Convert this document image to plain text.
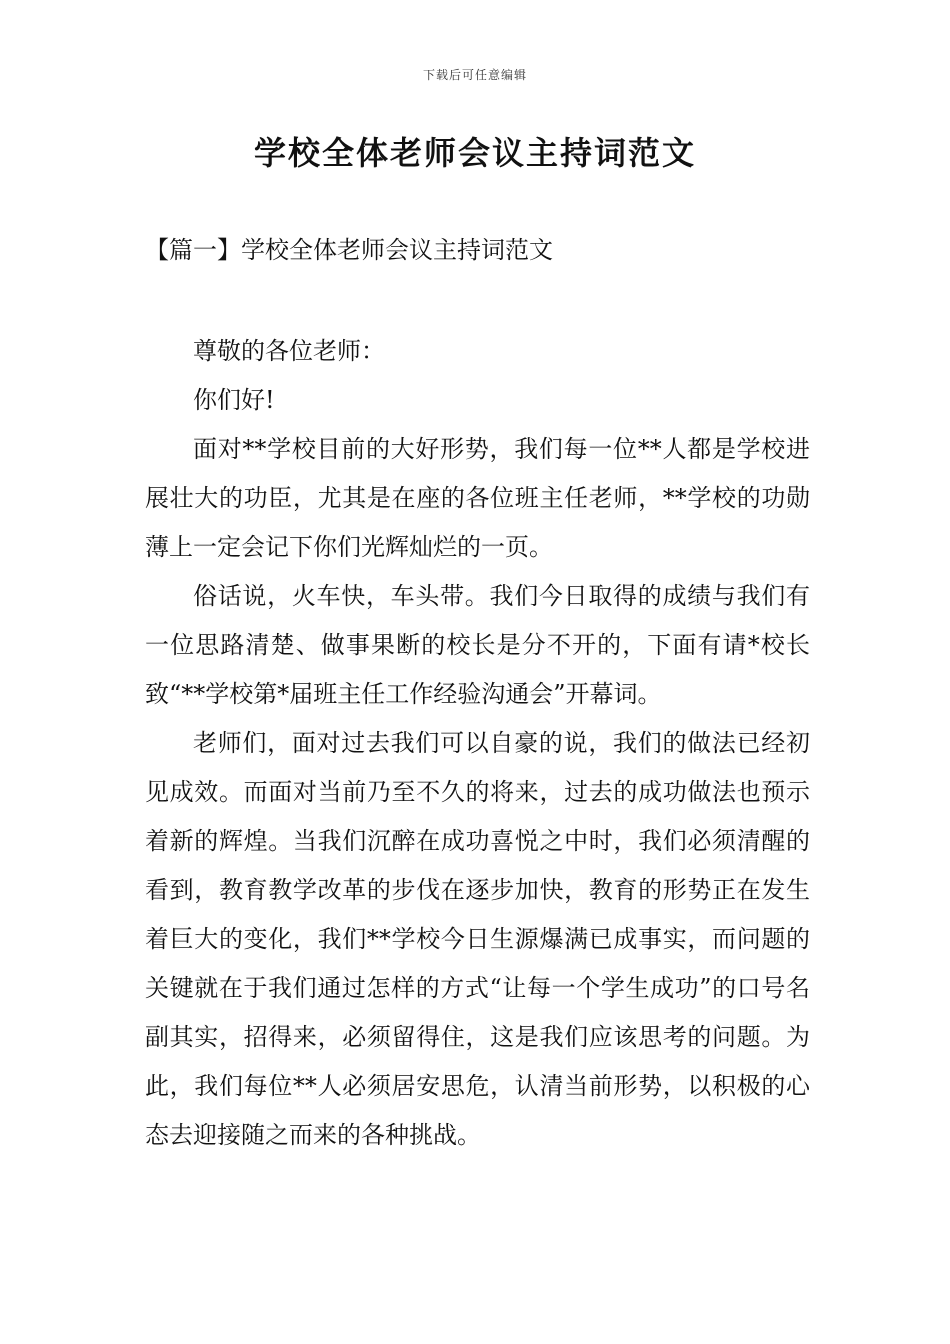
下载后可任意编辑
学校全体老师会议主持词范文
【篇一】学校全体老师会议主持词范文

尊敬的各位老师：

你们好!

面对**学校目前的大好形势，我们每一位**人都是学校进展壮大的功臣，尤其是在座的各位班主任老师，**学校的功勋薄上一定会记下你们光辉灿烂的一页。

俗话说，火车快，车头带。我们今日取得的成绩与我们有一位思路清楚、做事果断的校长是分不开的，下面有请*校长致“**学校第*届班主任工作经验沟通会”开幕词。

老师们，面对过去我们可以自豪的说，我们的做法已经初见成效。而面对当前乃至不久的将来，过去的成功做法也预示着新的辉煌。当我们沉醉在成功喜悦之中时，我们必须清醒的看到，教育教学改革的步伐在逐步加快，教育的形势正在发生着巨大的变化，我们**学校今日生源爆满已成事实，而问题的关键就在于我们通过怎样的方式“让每一个学生成功”的口号名副其实，招得来，必须留得住，这是我们应该思考的问题。为此，我们每位**人必须居安思危，认清当前形势，以积极的心态去迎接随之而来的各种挑战。
